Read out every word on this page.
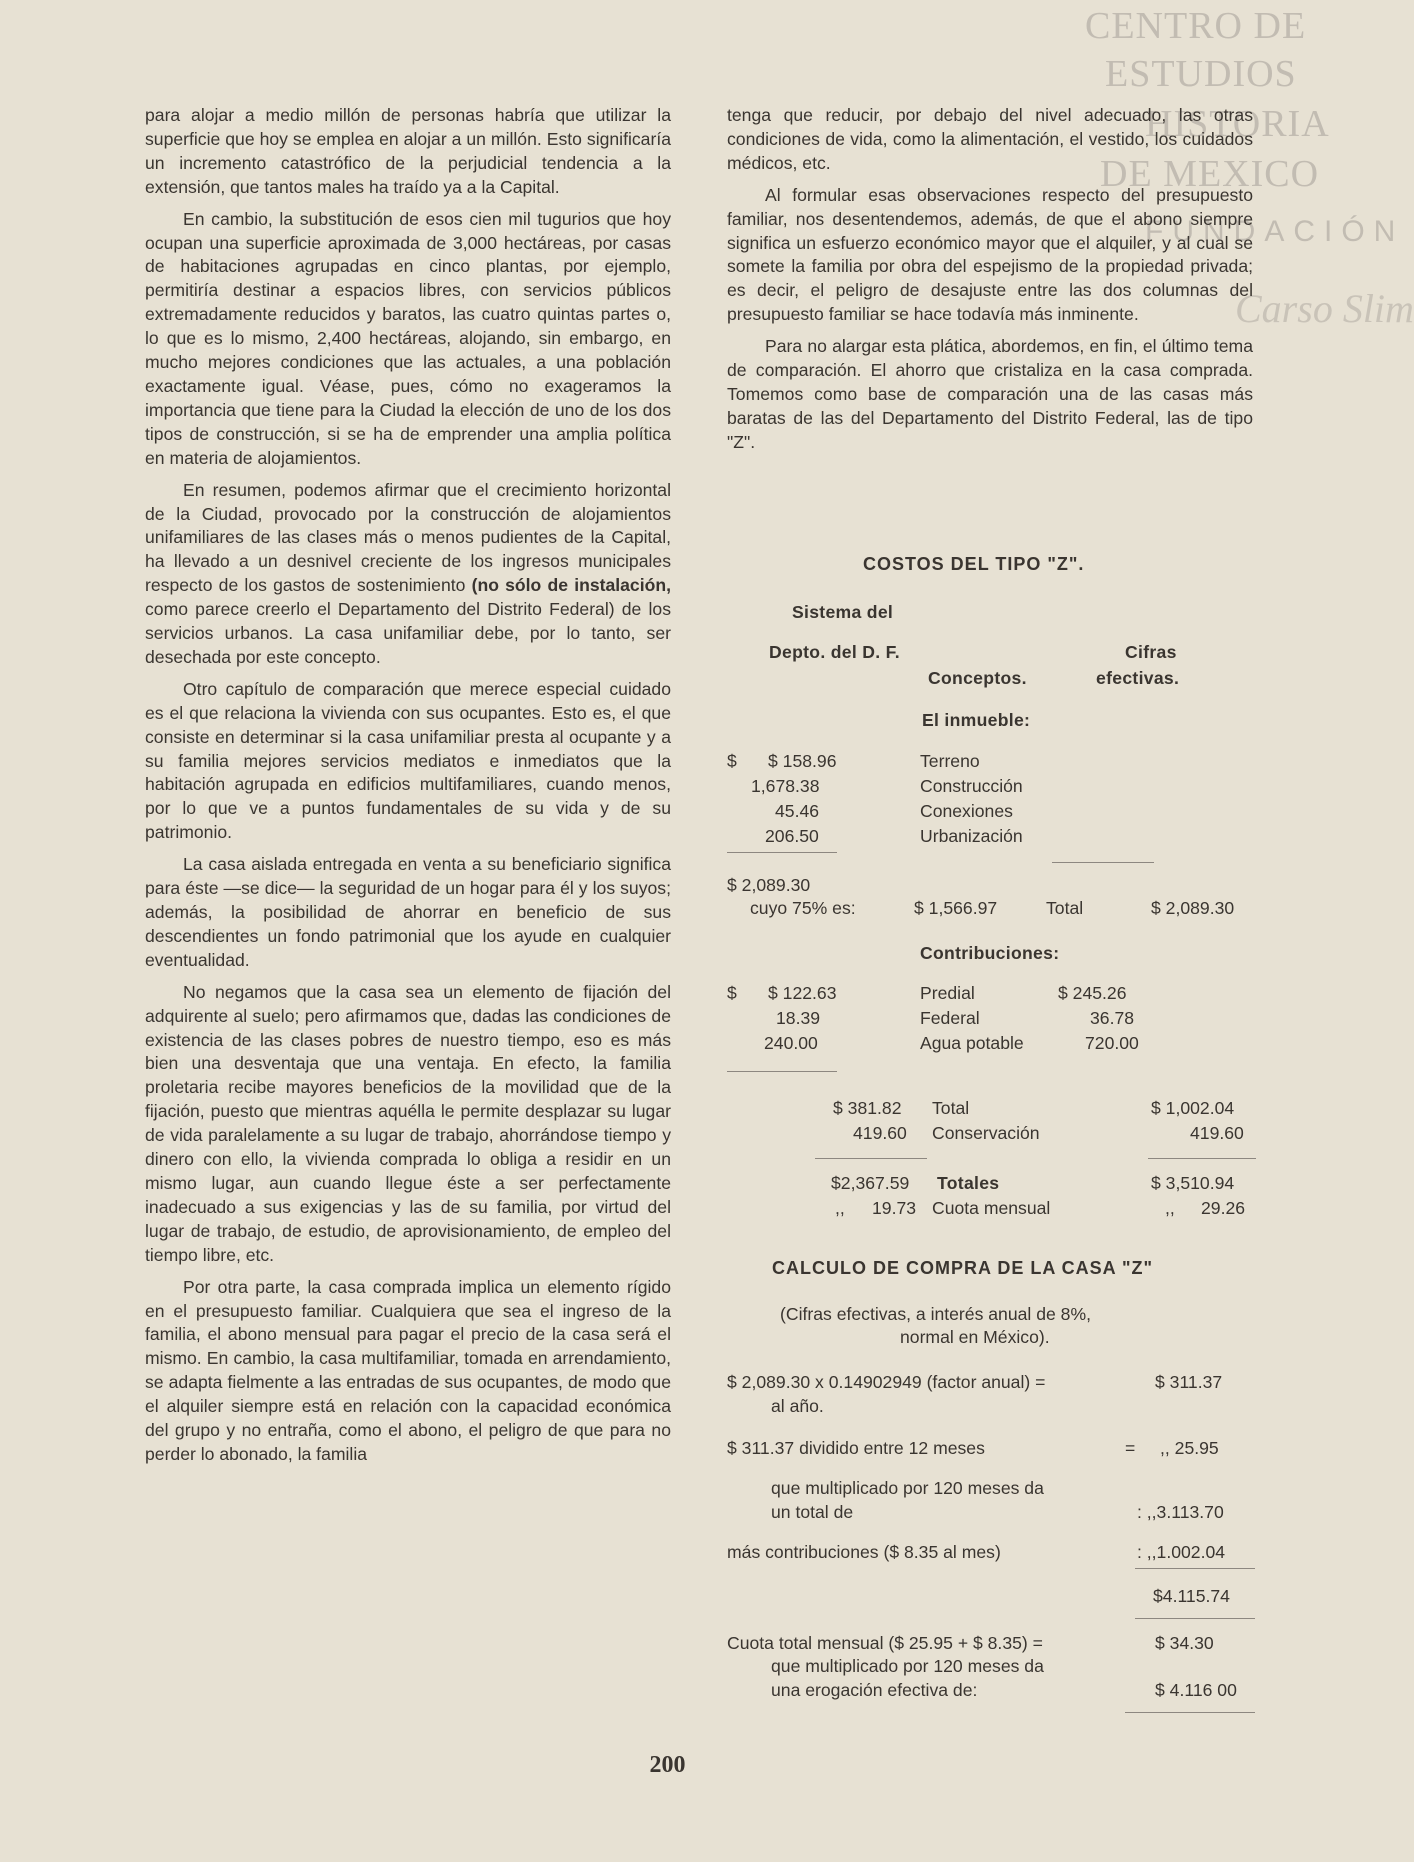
CENTRO DE
ESTUDIOS
HISTORIA
DE MEXICO
FUNDACIÓN
Carso Slim

para alojar a medio millón de personas habría que utilizar la superficie que hoy se emplea en alojar a un millón. Esto significaría un incremento catastrófico de la perjudicial tendencia a la extensión, que tantos males ha traído ya a la Capital.

En cambio, la substitución de esos cien mil tugurios que hoy ocupan una superficie aproximada de 3,000 hectáreas, por casas de habitaciones agrupadas en cinco plantas, por ejemplo, permitiría destinar a espacios libres, con servicios públicos extremadamente reducidos y baratos, las cuatro quintas partes o, lo que es lo mismo, 2,400 hectáreas, alojando, sin embargo, en mucho mejores condiciones que las actuales, a una población exactamente igual. Véase, pues, cómo no exageramos la importancia que tiene para la Ciudad la elección de uno de los dos tipos de construcción, si se ha de emprender una amplia política en materia de alojamientos.

En resumen, podemos afirmar que el crecimiento horizontal de la Ciudad, provocado por la construcción de alojamientos unifamiliares de las clases más o menos pudientes de la Capital, ha llevado a un desnivel creciente de los ingresos municipales respecto de los gastos de sostenimiento (no sólo de instalación, como parece creerlo el Departamento del Distrito Federal) de los servicios urbanos. La casa unifamiliar debe, por lo tanto, ser desechada por este concepto.

Otro capítulo de comparación que merece especial cuidado es el que relaciona la vivienda con sus ocupantes. Esto es, el que consiste en determinar si la casa unifamiliar presta al ocupante y a su familia mejores servicios mediatos e inmediatos que la habitación agrupada en edificios multifamiliares, cuando menos, por lo que ve a puntos fundamentales de su vida y de su patrimonio.

La casa aislada entregada en venta a su beneficiario significa para éste —se dice— la seguridad de un hogar para él y los suyos; además, la posibilidad de ahorrar en beneficio de sus descendientes un fondo patrimonial que los ayude en cualquier eventualidad.

No negamos que la casa sea un elemento de fijación del adquirente al suelo; pero afirmamos que, dadas las condiciones de existencia de las clases pobres de nuestro tiempo, eso es más bien una desventaja que una ventaja. En efecto, la familia proletaria recibe mayores beneficios de la movilidad que de la fijación, puesto que mientras aquélla le permite desplazar su lugar de vida paralelamente a su lugar de trabajo, ahorrándose tiempo y dinero con ello, la vivienda comprada lo obliga a residir en un mismo lugar, aun cuando llegue éste a ser perfectamente inadecuado a sus exigencias y las de su familia, por virtud del lugar de trabajo, de estudio, de aprovisionamiento, de empleo del tiempo libre, etc.

Por otra parte, la casa comprada implica un elemento rígido en el presupuesto familiar. Cualquiera que sea el ingreso de la familia, el abono mensual para pagar el precio de la casa será el mismo. En cambio, la casa multifamiliar, tomada en arrendamiento, se adapta fielmente a las entradas de sus ocupantes, de modo que el alquiler siempre está en relación con la capacidad económica del grupo y no entraña, como el abono, el peligro de que para no perder lo abonado, la familia

tenga que reducir, por debajo del nivel adecuado, las otras condiciones de vida, como la alimentación, el vestido, los cuidados médicos, etc.

Al formular esas observaciones respecto del presupuesto familiar, nos desentendemos, además, de que el abono siempre significa un esfuerzo económico mayor que el alquiler, y al cual se somete la familia por obra del espejismo de la propiedad privada; es decir, el peligro de desajuste entre las dos columnas del presupuesto familiar se hace todavía más inminente.

Para no alargar esta plática, abordemos, en fin, el último tema de comparación. El ahorro que cristaliza en la casa comprada. Tomemos como base de comparación una de las casas más baratas de las del Departamento del Distrito Federal, las de tipo "Z".

COSTOS DEL TIPO "Z".
Sistema del
Depto. del D. F.	Cifras
Conceptos.	efectivas.
El inmueble:
$ $ 158.96	Terreno
1,678.38	Construcción
45.46	Conexiones
206.50	Urbanización
$ 2,089.30
cuyo 75% es:	$ 1,566.97	Total	$ 2,089.30
Contribuciones:
$ $ 122.63	Predial	$ 245.26
18.39	Federal	36.78
240.00	Agua potable	720.00
$ 381.82 Total	$ 1,002.04
419.60 Conservación	419.60
$2,367.59 Totales	$ 3,510.94
,, 19.73 Cuota mensual	,, 29.26
CALCULO DE COMPRA DE LA CASA "Z"
(Cifras efectivas, a interés anual de 8%,
normal en México).
$ 2,089.30 x 0.14902949 (factor anual) =	$ 311.37
al año.
$ 311.37 dividido entre 12 meses	= ,, 25.95
que multiplicado por 120 meses da
un total de	: ,,3.113.70
más contribuciones ($ 8.35 al mes)	: ,,1.002.04
$4.115.74
Cuota total mensual ($ 25.95 + $ 8.35) =	$ 34.30
que multiplicado por 120 meses da
una erogación efectiva de:	$ 4.116 00
200
